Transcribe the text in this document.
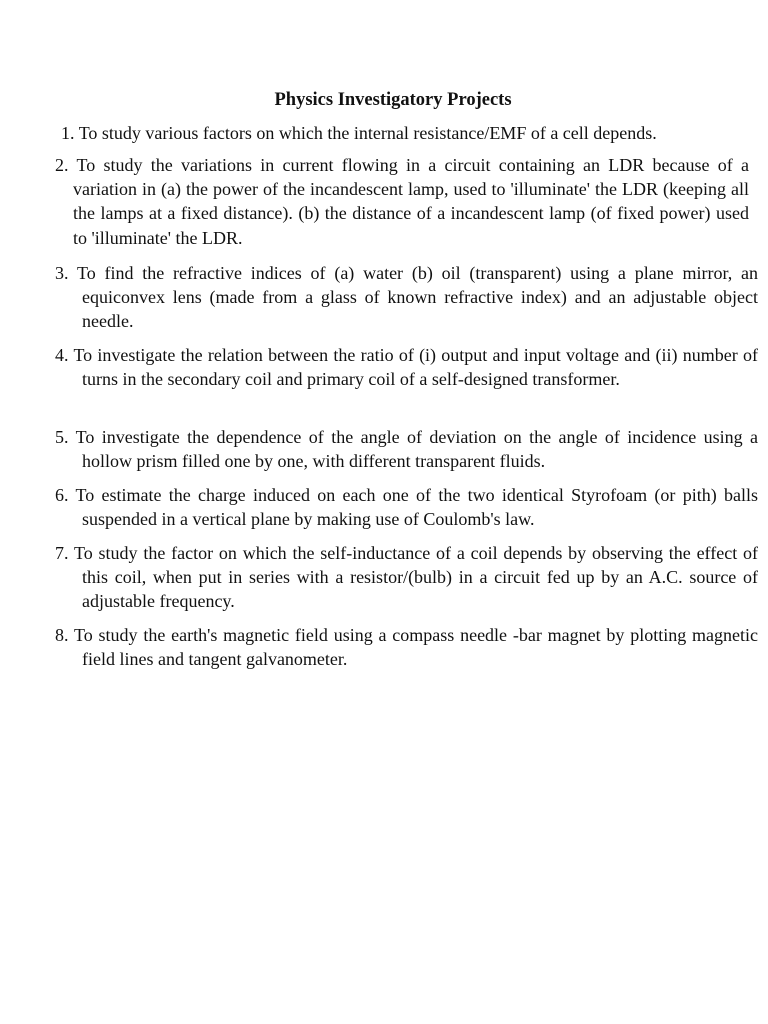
Physics Investigatory Projects

1. To study various factors on which the internal resistance/EMF of a cell depends.

2. To study the variations in current flowing in a circuit containing an LDR because of a variation in (a) the power of the incandescent lamp, used to 'illuminate' the LDR (keeping all the lamps at a fixed distance). (b) the distance of a incandescent lamp (of fixed power) used to 'illuminate' the LDR.

3. To find the refractive indices of (a) water (b) oil (transparent) using a plane mirror, an equiconvex lens (made from a glass of known refractive index) and an adjustable object needle.

4. To investigate the relation between the ratio of (i) output and input voltage and (ii) number of turns in the secondary coil and primary coil of a self-designed transformer.

5. To investigate the dependence of the angle of deviation on the angle of incidence using a hollow prism filled one by one, with different transparent fluids.

6. To estimate the charge induced on each one of the two identical Styrofoam (or pith) balls suspended in a vertical plane by making use of Coulomb's law.

7. To study the factor on which the self-inductance of a coil depends by observing the effect of this coil, when put in series with a resistor/(bulb) in a circuit fed up by an A.C. source of adjustable frequency.

8. To study the earth's magnetic field using a compass needle -bar magnet by plotting magnetic field lines and tangent galvanometer.
